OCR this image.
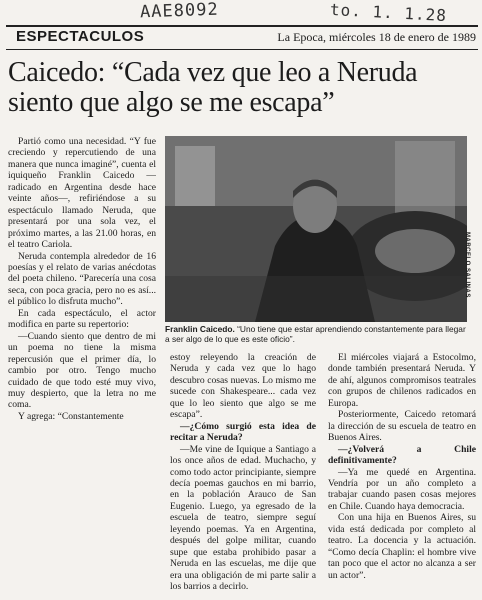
AAE8092	to. 1. 1.28
ESPECTACULOS	La Epoca, miércoles 18 de enero de 1989
Caicedo: “Cada vez que leo a Neruda siento que algo se me escapa”

Partió como una necesidad. “Y fue creciendo y repercutiendo de una manera que nunca imaginé”, cuenta el iquiqueño Franklin Caicedo —radicado en Argentina desde hace veinte años—, refiriéndose a su espectáculo llamado Neruda, que presentará por una sola vez, el próximo martes, a las 21.00 horas, en el teatro Cariola.

Neruda contempla alrededor de 16 poesías y el relato de varias anécdotas del poeta chileno. “Parecería una cosa seca, con poca gracia, pero no es así... el público lo disfruta mucho”.

En cada espectáculo, el actor modifica en parte su repertorio:

—Cuando siento que dentro de mi un poema no tiene la misma repercusión que el primer día, lo cambio por otro. Tengo mucho cuidado de que todo esté muy vivo, muy despierto, que la letra no me coma.

Y agrega: “Constantemente

MARCELO SALINAS
Franklin Caicedo. “Uno tiene que estar aprendiendo constantemente para llegar a ser algo de lo que es este oficio”.

estoy releyendo la creación de Neruda y cada vez que lo hago descubro cosas nuevas. Lo mismo me sucede con Shakespeare... cada vez que lo leo siento que algo se me escapa”.

—¿Cómo surgió esta idea de recitar a Neruda?

—Me vine de Iquique a Santiago a los once años de edad. Muchacho, y como todo actor principiante, siempre decía poemas gauchos en mi barrio, en la población Arauco de San Eugenio. Luego, ya egresado de la escuela de teatro, siempre seguí leyendo poemas. Ya en Argentina, después del golpe militar, cuando supe que estaba prohibido pasar a Neruda en las escuelas, me dije que era una obligación de mi parte salir a los barrios a decirlo.

El miércoles viajará a Estocolmo, donde también presentará Neruda. Y de ahí, algunos compromisos teatrales con grupos de chilenos radicados en Europa.

Posteriormente, Caicedo retomará la dirección de su escuela de teatro en Buenos Aires.

—¿Volverá a Chile definitivamente?

—Ya me quedé en Argentina. Vendría por un año completo a trabajar cuando pasen cosas mejores en Chile. Cuando haya democracia.

Con una hija en Buenos Aires, su vida está dedicada por completo al teatro. La docencia y la actuación. “Como decía Chaplin: el hombre vive tan poco que el actor no alcanza a ser un actor”.
